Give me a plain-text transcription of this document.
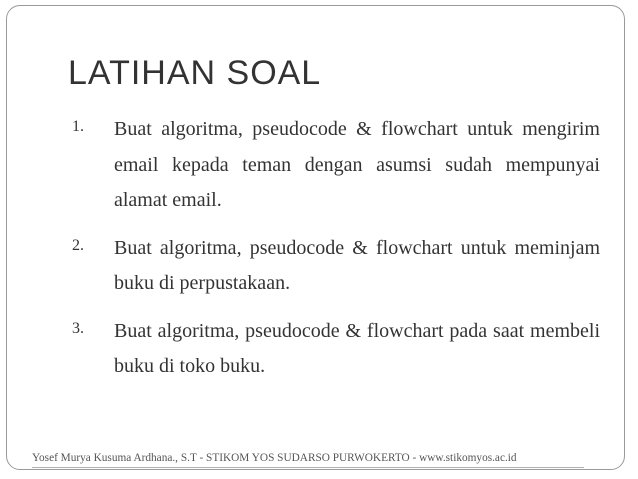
LATIHAN SOAL
1. Buat algoritma, pseudocode & flowchart untuk mengirim email kepada teman dengan asumsi sudah mempunyai alamat email.
2. Buat algoritma, pseudocode & flowchart untuk meminjam buku di perpustakaan.
3. Buat algoritma, pseudocode & flowchart pada saat membeli buku di toko buku.
Yosef Murya Kusuma Ardhana., S.T - STIKOM YOS SUDARSO PURWOKERTO - www.stikomyos.ac.id
